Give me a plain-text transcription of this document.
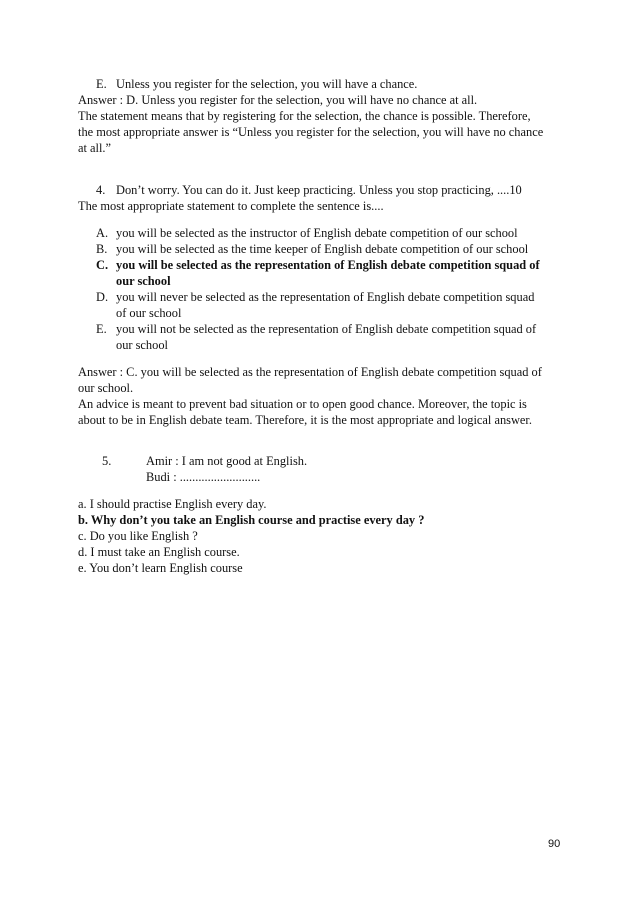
E. Unless you register for the selection, you will have a chance.
Answer : D. Unless you register for the selection, you will have no chance at all.
The statement means that by registering for the selection, the chance is possible. Therefore,
the most appropriate answer is “Unless you register for the selection, you will have no chance
at all.”
4. Don’t worry. You can do it. Just keep practicing. Unless you stop practicing, ....10
The most appropriate statement to complete the sentence is....
A. you will be selected as the instructor of English debate competition of our school
B. you will be selected as the time keeper of English debate competition of our school
C. you will be selected as the representation of English debate competition squad of
our school
D. you will never be selected as the representation of English debate competition squad
of our school
E. you will not be selected as the representation of English debate competition squad of
our school
Answer : C. you will be selected as the representation of English debate competition squad of
our school.
An advice is meant to prevent bad situation or to open good chance. Moreover, the topic is
about to be in English debate team. Therefore, it is the most appropriate and logical answer.
5.	Amir : I am not good at English.
Budi : ..........................
a. I should practise English every day.
b. Why don’t you take an English course and practise every day ?
c. Do you like English ?
d. I must take an English course.
e. You don’t learn English course
90
